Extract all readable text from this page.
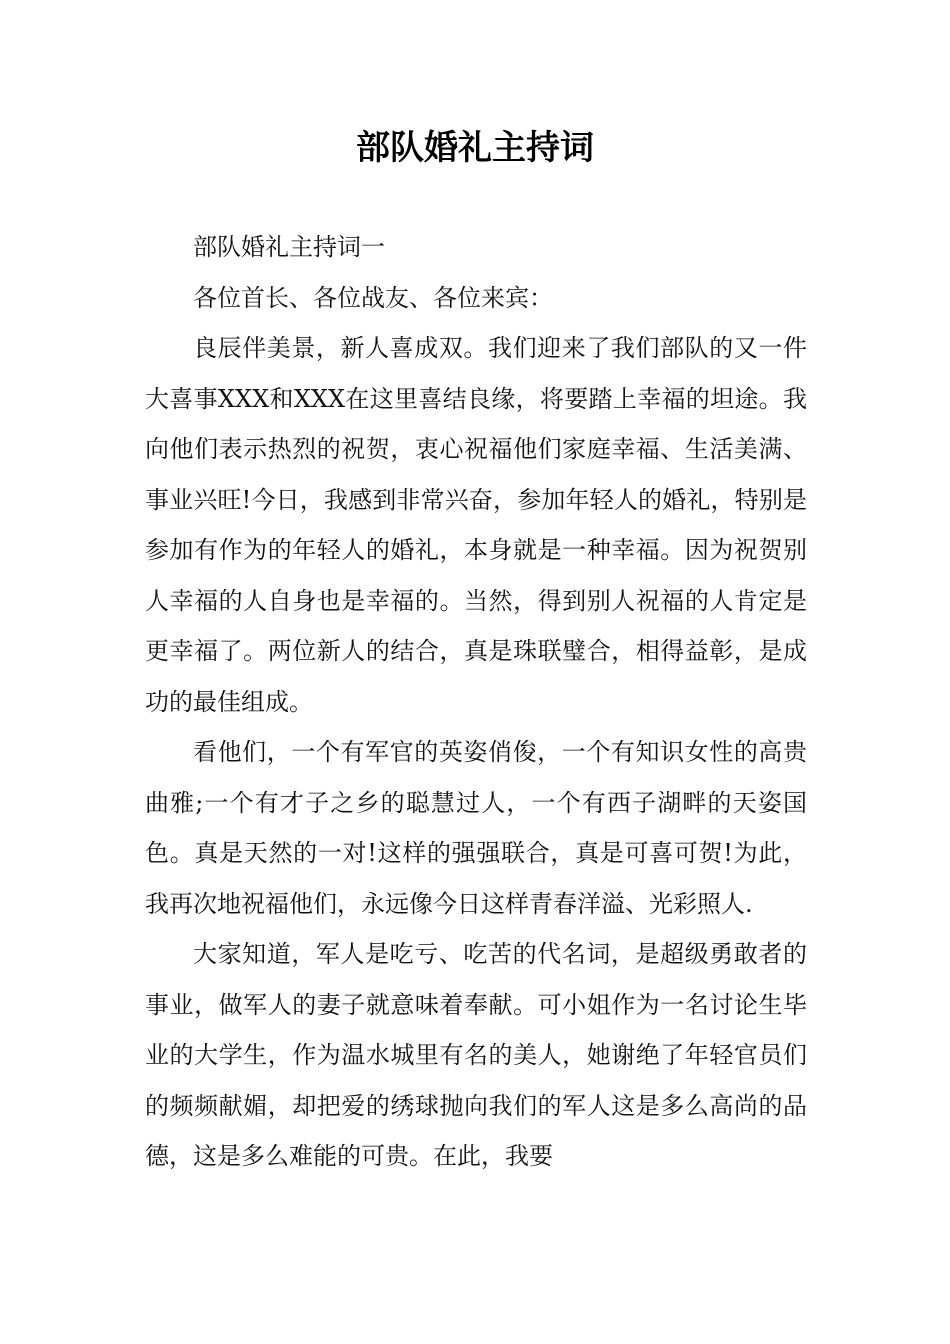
部队婚礼主持词

部队婚礼主持词一

各位首长、各位战友、各位来宾：

良辰伴美景，新人喜成双。我们迎来了我们部队的又一件大喜事XXX和XXX在这里喜结良缘，将要踏上幸福的坦途。我向他们表示热烈的祝贺，衷心祝福他们家庭幸福、生活美满、事业兴旺!今日，我感到非常兴奋，参加年轻人的婚礼，特别是参加有作为的年轻人的婚礼，本身就是一种幸福。因为祝贺别人幸福的人自身也是幸福的。当然，得到别人祝福的人肯定是更幸福了。两位新人的结合，真是珠联璧合，相得益彰，是成功的最佳组成。

看他们，一个有军官的英姿俏俊，一个有知识女性的高贵曲雅;一个有才子之乡的聪慧过人，一个有西子湖畔的天姿国色。真是天然的一对!这样的强强联合，真是可喜可贺!为此，我再次地祝福他们，永远像今日这样青春洋溢、光彩照人.

大家知道，军人是吃亏、吃苦的代名词，是超级勇敢者的事业，做军人的妻子就意味着奉献。可小姐作为一名讨论生毕业的大学生，作为温水城里有名的美人，她谢绝了年轻官员们的频频献媚，却把爱的绣球抛向我们的军人这是多么高尚的品德，这是多么难能的可贵。在此，我要
